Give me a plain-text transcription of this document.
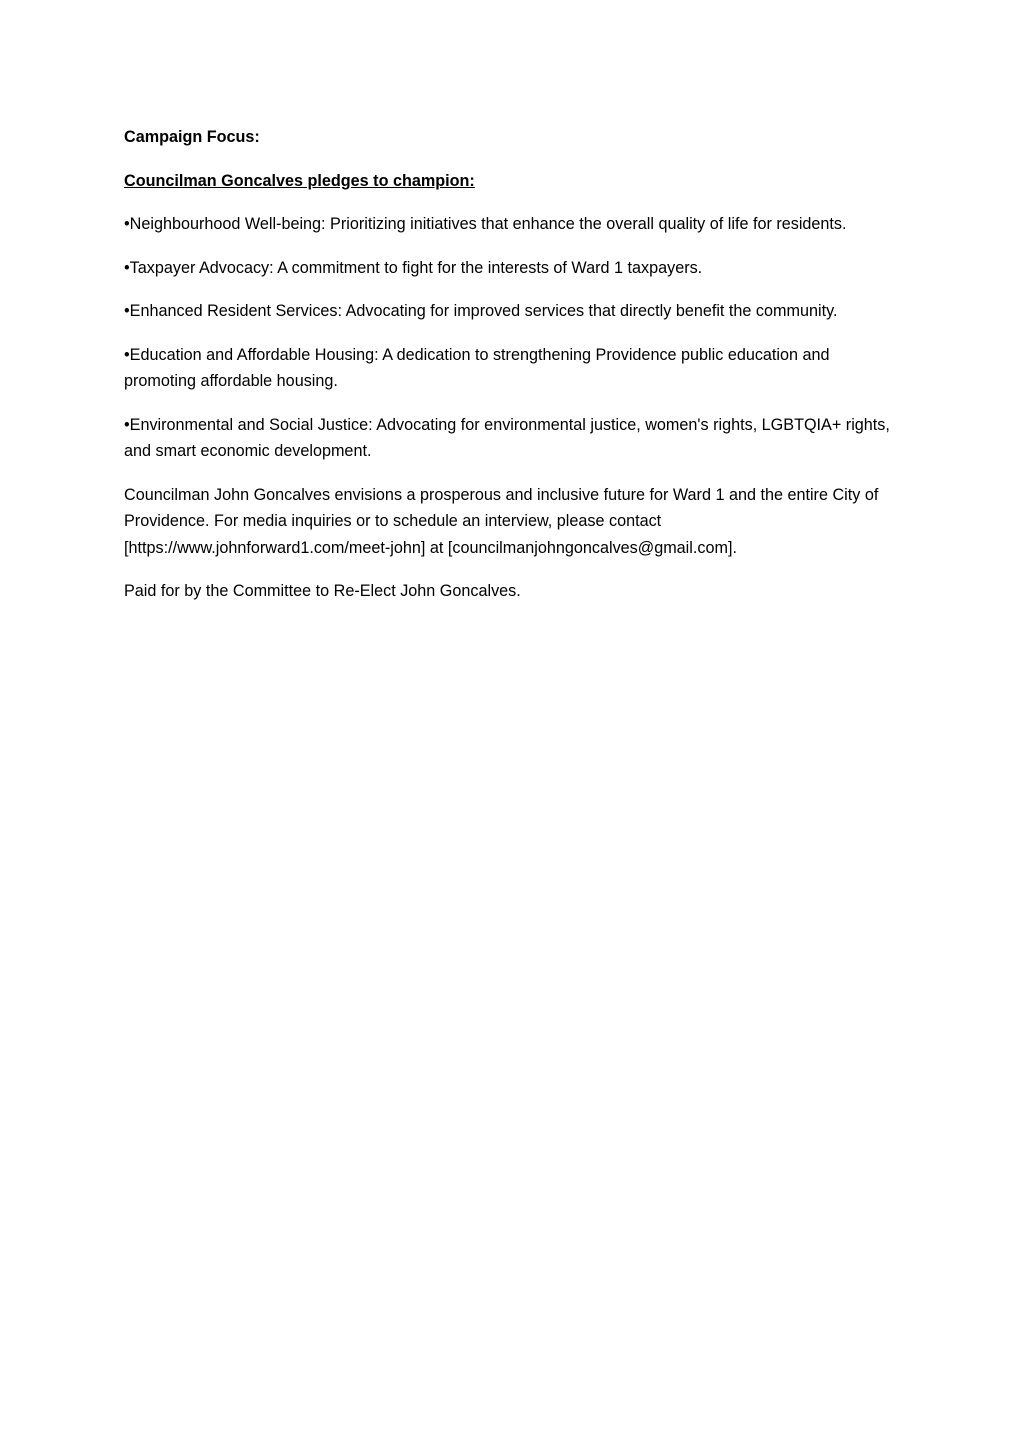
Campaign Focus:

Councilman Goncalves pledges to champion:

•Neighbourhood Well-being: Prioritizing initiatives that enhance the overall quality of life for residents.

•Taxpayer Advocacy: A commitment to fight for the interests of Ward 1 taxpayers.

•Enhanced Resident Services: Advocating for improved services that directly benefit the community.

•Education and Affordable Housing: A dedication to strengthening Providence public education and promoting affordable housing.

•Environmental and Social Justice: Advocating for environmental justice, women's rights, LGBTQIA+ rights, and smart economic development.

Councilman John Goncalves envisions a prosperous and inclusive future for Ward 1 and the entire City of Providence. For media inquiries or to schedule an interview, please contact [https://www.johnforward1.com/meet-john] at [councilmanjohngoncalves@gmail.com].

Paid for by the Committee to Re-Elect John Goncalves.
